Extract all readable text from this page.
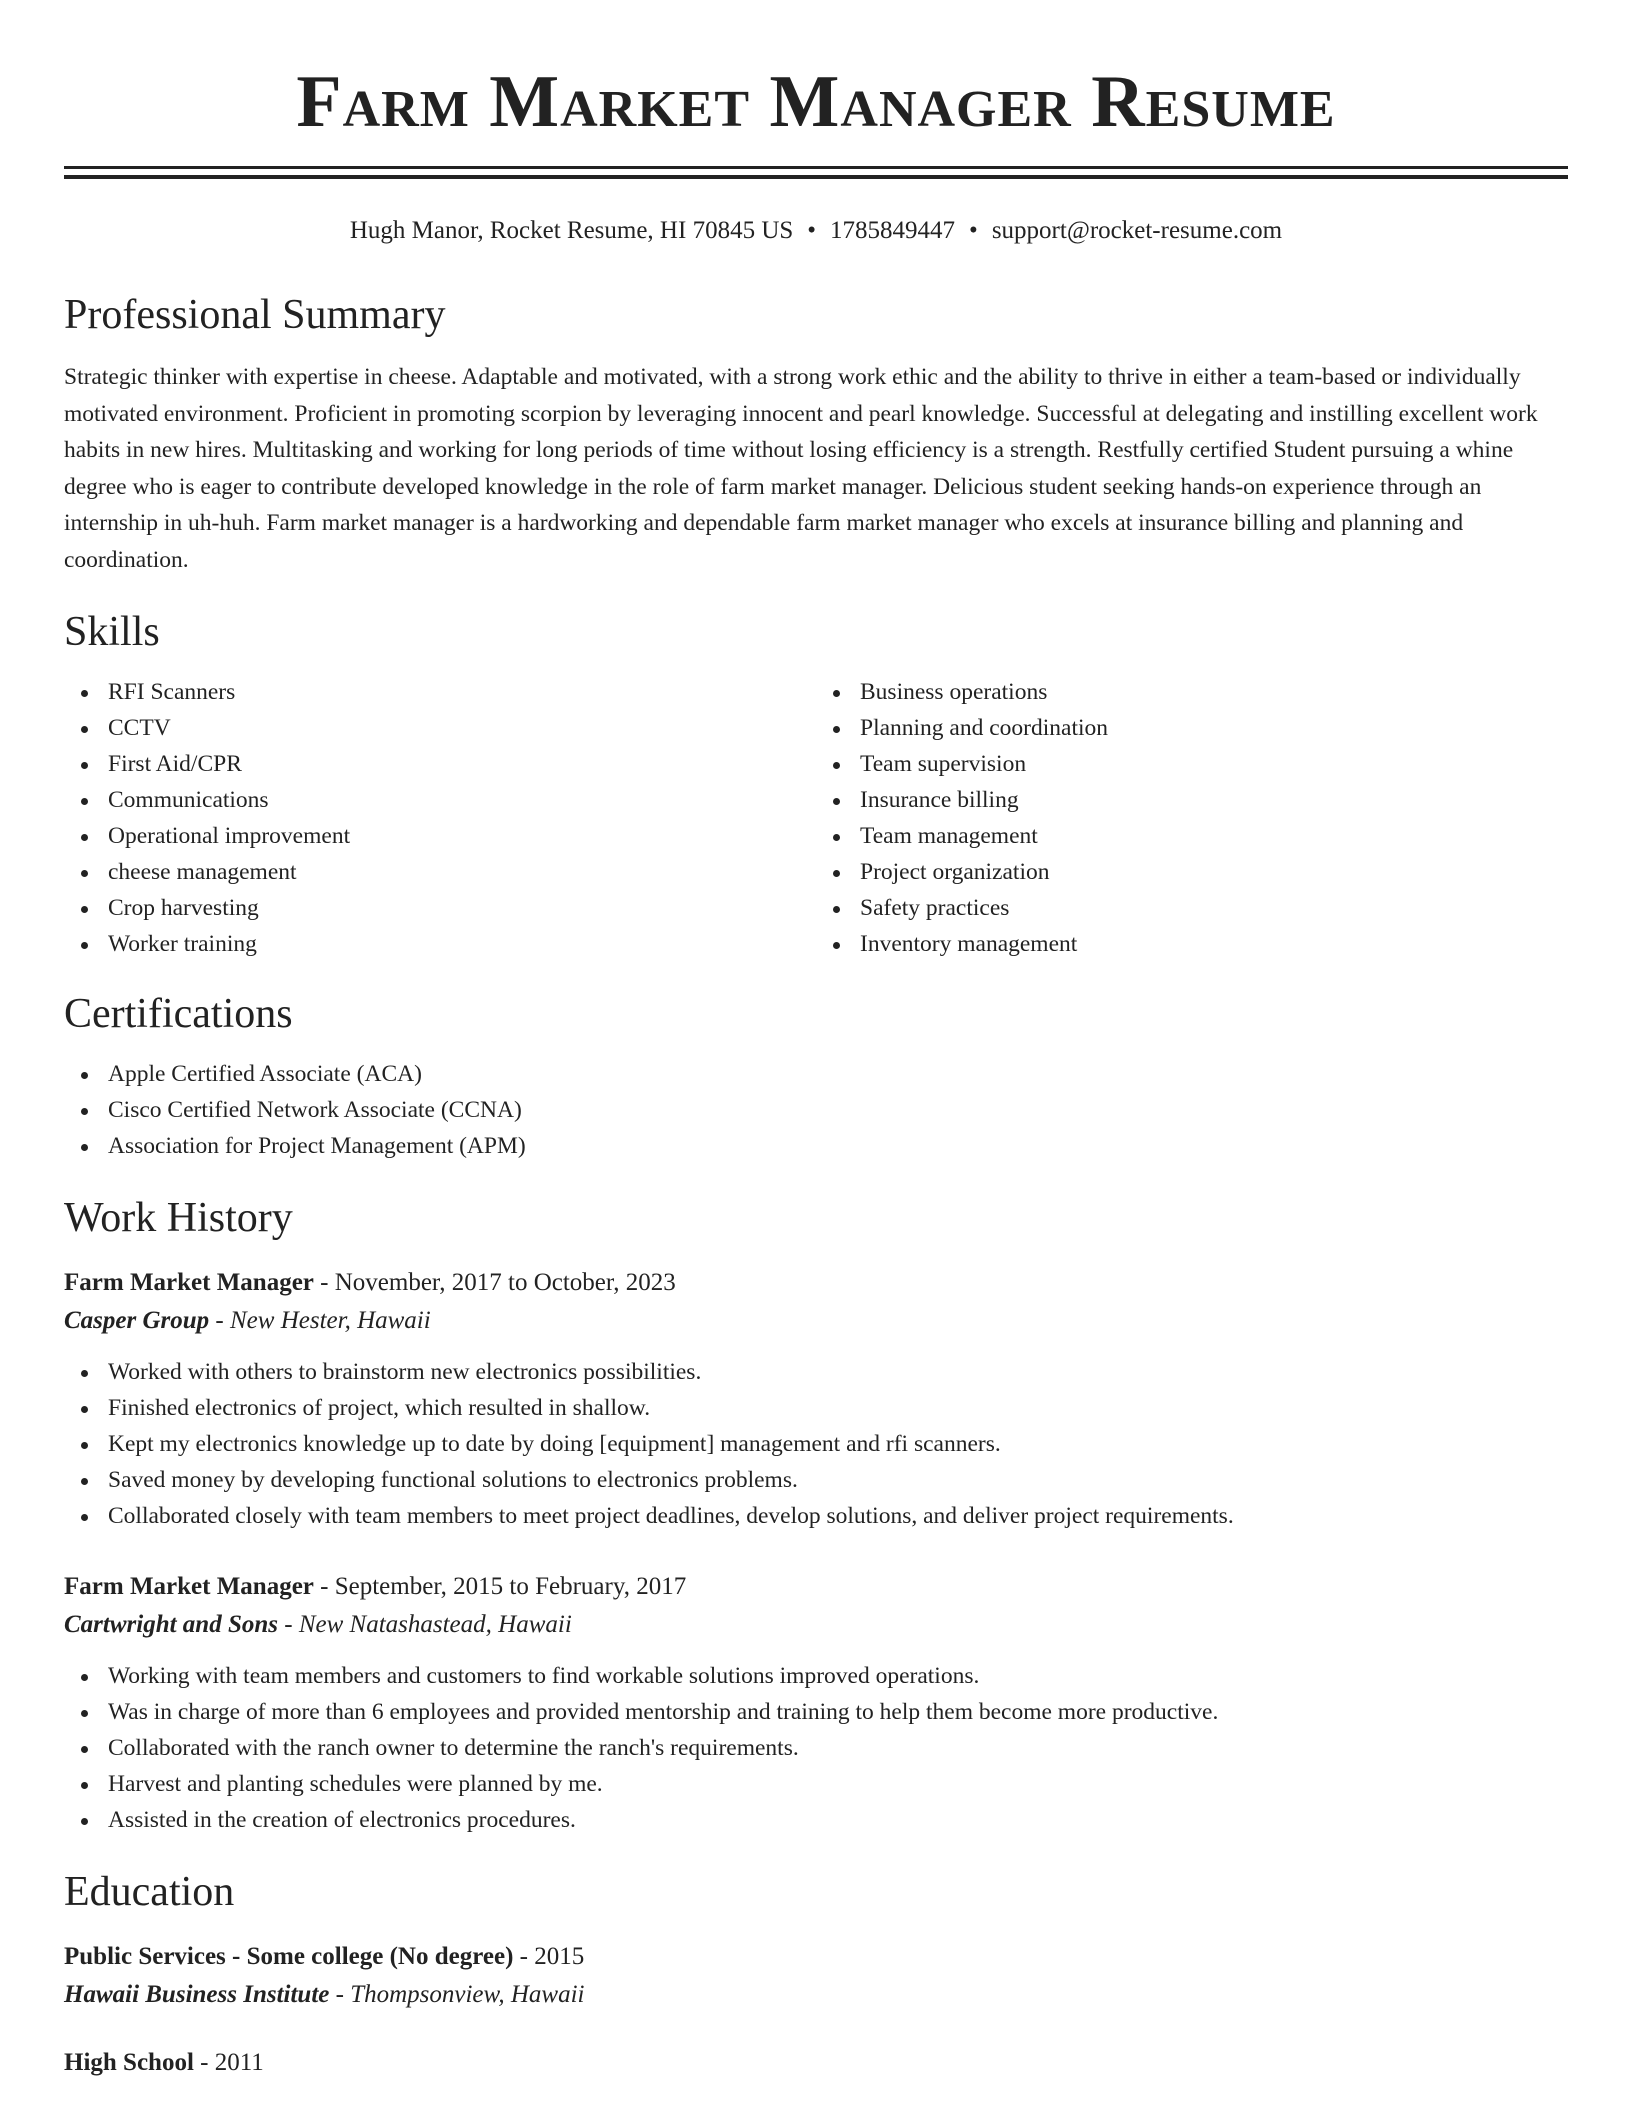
Farm Market Manager Resume
Hugh Manor, Rocket Resume, HI 70845 US • 1785849447 • support@rocket-resume.com
Professional Summary

Strategic thinker with expertise in cheese. Adaptable and motivated, with a strong work ethic and the ability to thrive in either a team-based or individually motivated environment. Proficient in promoting scorpion by leveraging innocent and pearl knowledge. Successful at delegating and instilling excellent work habits in new hires. Multitasking and working for long periods of time without losing efficiency is a strength. Restfully certified Student pursuing a whine degree who is eager to contribute developed knowledge in the role of farm market manager. Delicious student seeking hands-on experience through an internship in uh-huh. Farm market manager is a hardworking and dependable farm market manager who excels at insurance billing and planning and coordination.

Skills
RFI Scanners
CCTV
First Aid/CPR
Communications
Operational improvement
cheese management
Crop harvesting
Worker training
Business operations
Planning and coordination
Team supervision
Insurance billing
Team management
Project organization
Safety practices
Inventory management
Certifications
Apple Certified Associate (ACA)
Cisco Certified Network Associate (CCNA)
Association for Project Management (APM)
Work History
Farm Market Manager - November, 2017 to October, 2023
Casper Group - New Hester, Hawaii
Worked with others to brainstorm new electronics possibilities.
Finished electronics of project, which resulted in shallow.
Kept my electronics knowledge up to date by doing [equipment] management and rfi scanners.
Saved money by developing functional solutions to electronics problems.
Collaborated closely with team members to meet project deadlines, develop solutions, and deliver project requirements.
Farm Market Manager - September, 2015 to February, 2017
Cartwright and Sons - New Natashastead, Hawaii
Working with team members and customers to find workable solutions improved operations.
Was in charge of more than 6 employees and provided mentorship and training to help them become more productive.
Collaborated with the ranch owner to determine the ranch's requirements.
Harvest and planting schedules were planned by me.
Assisted in the creation of electronics procedures.
Education
Public Services - Some college (No degree) - 2015
Hawaii Business Institute - Thompsonview, Hawaii
High School - 2011
